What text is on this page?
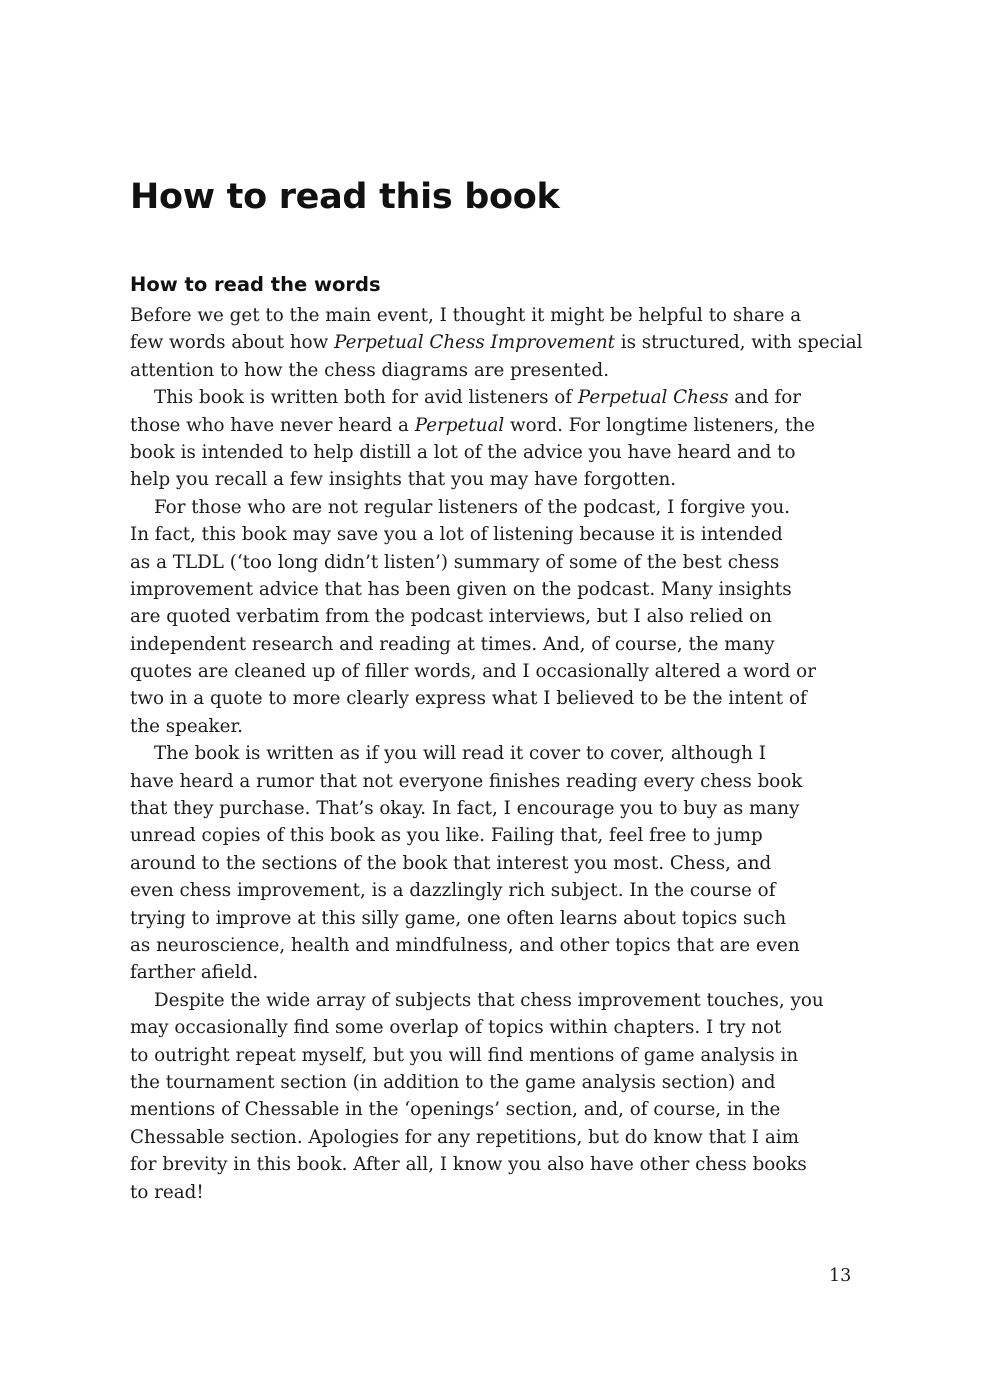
How to read this book
How to read the words
Before we get to the main event, I thought it might be helpful to share a
few words about how Perpetual Chess Improvement is structured, with special
attention to how the chess diagrams are presented.
This book is written both for avid listeners of Perpetual Chess and for
those who have never heard a Perpetual word. For longtime listeners, the
book is intended to help distill a lot of the advice you have heard and to
help you recall a few insights that you may have forgotten.
For those who are not regular listeners of the podcast, I forgive you.
In fact, this book may save you a lot of listening because it is intended
as a TLDL (‘too long didn’t listen’) summary of some of the best chess
improvement advice that has been given on the podcast. Many insights
are quoted verbatim from the podcast interviews, but I also relied on
independent research and reading at times. And, of course, the many
quotes are cleaned up of filler words, and I occasionally altered a word or
two in a quote to more clearly express what I believed to be the intent of
the speaker.
The book is written as if you will read it cover to cover, although I
have heard a rumor that not everyone finishes reading every chess book
that they purchase. That’s okay. In fact, I encourage you to buy as many
unread copies of this book as you like. Failing that, feel free to jump
around to the sections of the book that interest you most. Chess, and
even chess improvement, is a dazzlingly rich subject. In the course of
trying to improve at this silly game, one often learns about topics such
as neuroscience, health and mindfulness, and other topics that are even
farther afield.
Despite the wide array of subjects that chess improvement touches, you
may occasionally find some overlap of topics within chapters. I try not
to outright repeat myself, but you will find mentions of game analysis in
the tournament section (in addition to the game analysis section) and
mentions of Chessable in the ‘openings’ section, and, of course, in the
Chessable section. Apologies for any repetitions, but do know that I aim
for brevity in this book. After all, I know you also have other chess books
to read!
13
